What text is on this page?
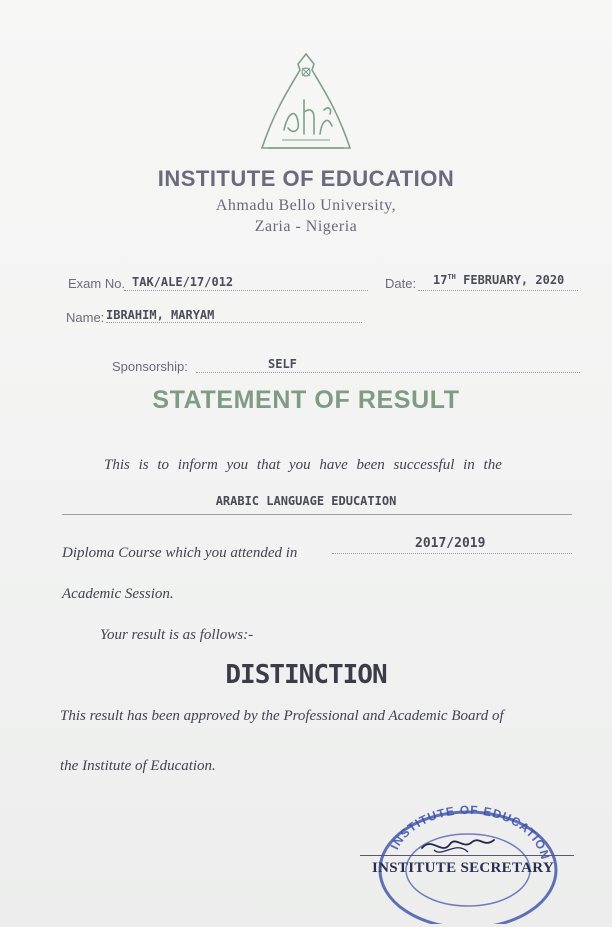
INSTITUTE OF EDUCATION
Ahmadu Bello University,
Zaria - Nigeria
Exam No. TAK/ALE/17/012	Date: 17TH FEBRUARY, 2020
Name: IBRAHIM, MARYAM
Sponsorship:	SELF
STATEMENT OF RESULT
This is to inform you that you have been successful in the
ARABIC LANGUAGE EDUCATION
Diploma Course which you attended in
2017/2019
Academic Session.
Your result is as follows:-
DISTINCTION
This result has been approved by the Professional and Academic Board of
the Institute of Education.
INSTITUTE OF EDUCATION
INSTITUTE SECRETARY
